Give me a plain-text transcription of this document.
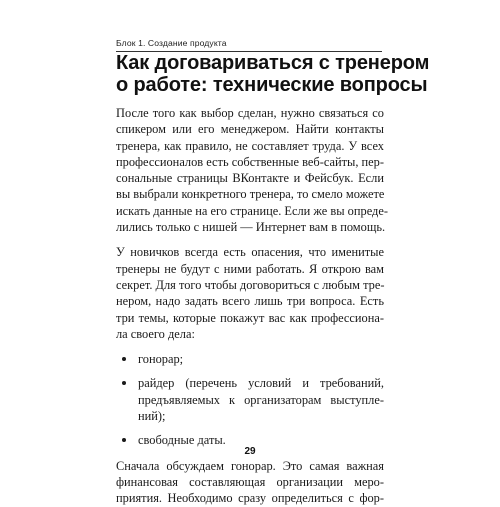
Блок 1. Создание продукта
Как договариваться с тренером
о работе: технические вопросы
После того как выбор сделан, нужно связаться со
спикером или его менеджером. Найти контакты
тренера, как правило, не составляет труда. У всех
профессионалов есть собственные веб-сайты, пер-
сональные страницы ВКонтакте и Фейсбук. Если
вы выбрали конкретного тренера, то смело можете
искать данные на его странице. Если же вы опреде-
лились только с нишей — Интернет вам в помощь.
У новичков всегда есть опасения, что именитые
тренеры не будут с ними работать. Я открою вам
секрет. Для того чтобы договориться с любым тре-
нером, надо задать всего лишь три вопроса. Есть
три темы, которые покажут вас как профессиона-
ла своего дела:
гонорар;
райдер (перечень условий и требований,
предъявляемых к организаторам выступле-
ний);
свободные даты.
Сначала обсуждаем гонорар. Это самая важная
финансовая составляющая организации меро-
приятия. Необходимо сразу определиться с фор-
29
